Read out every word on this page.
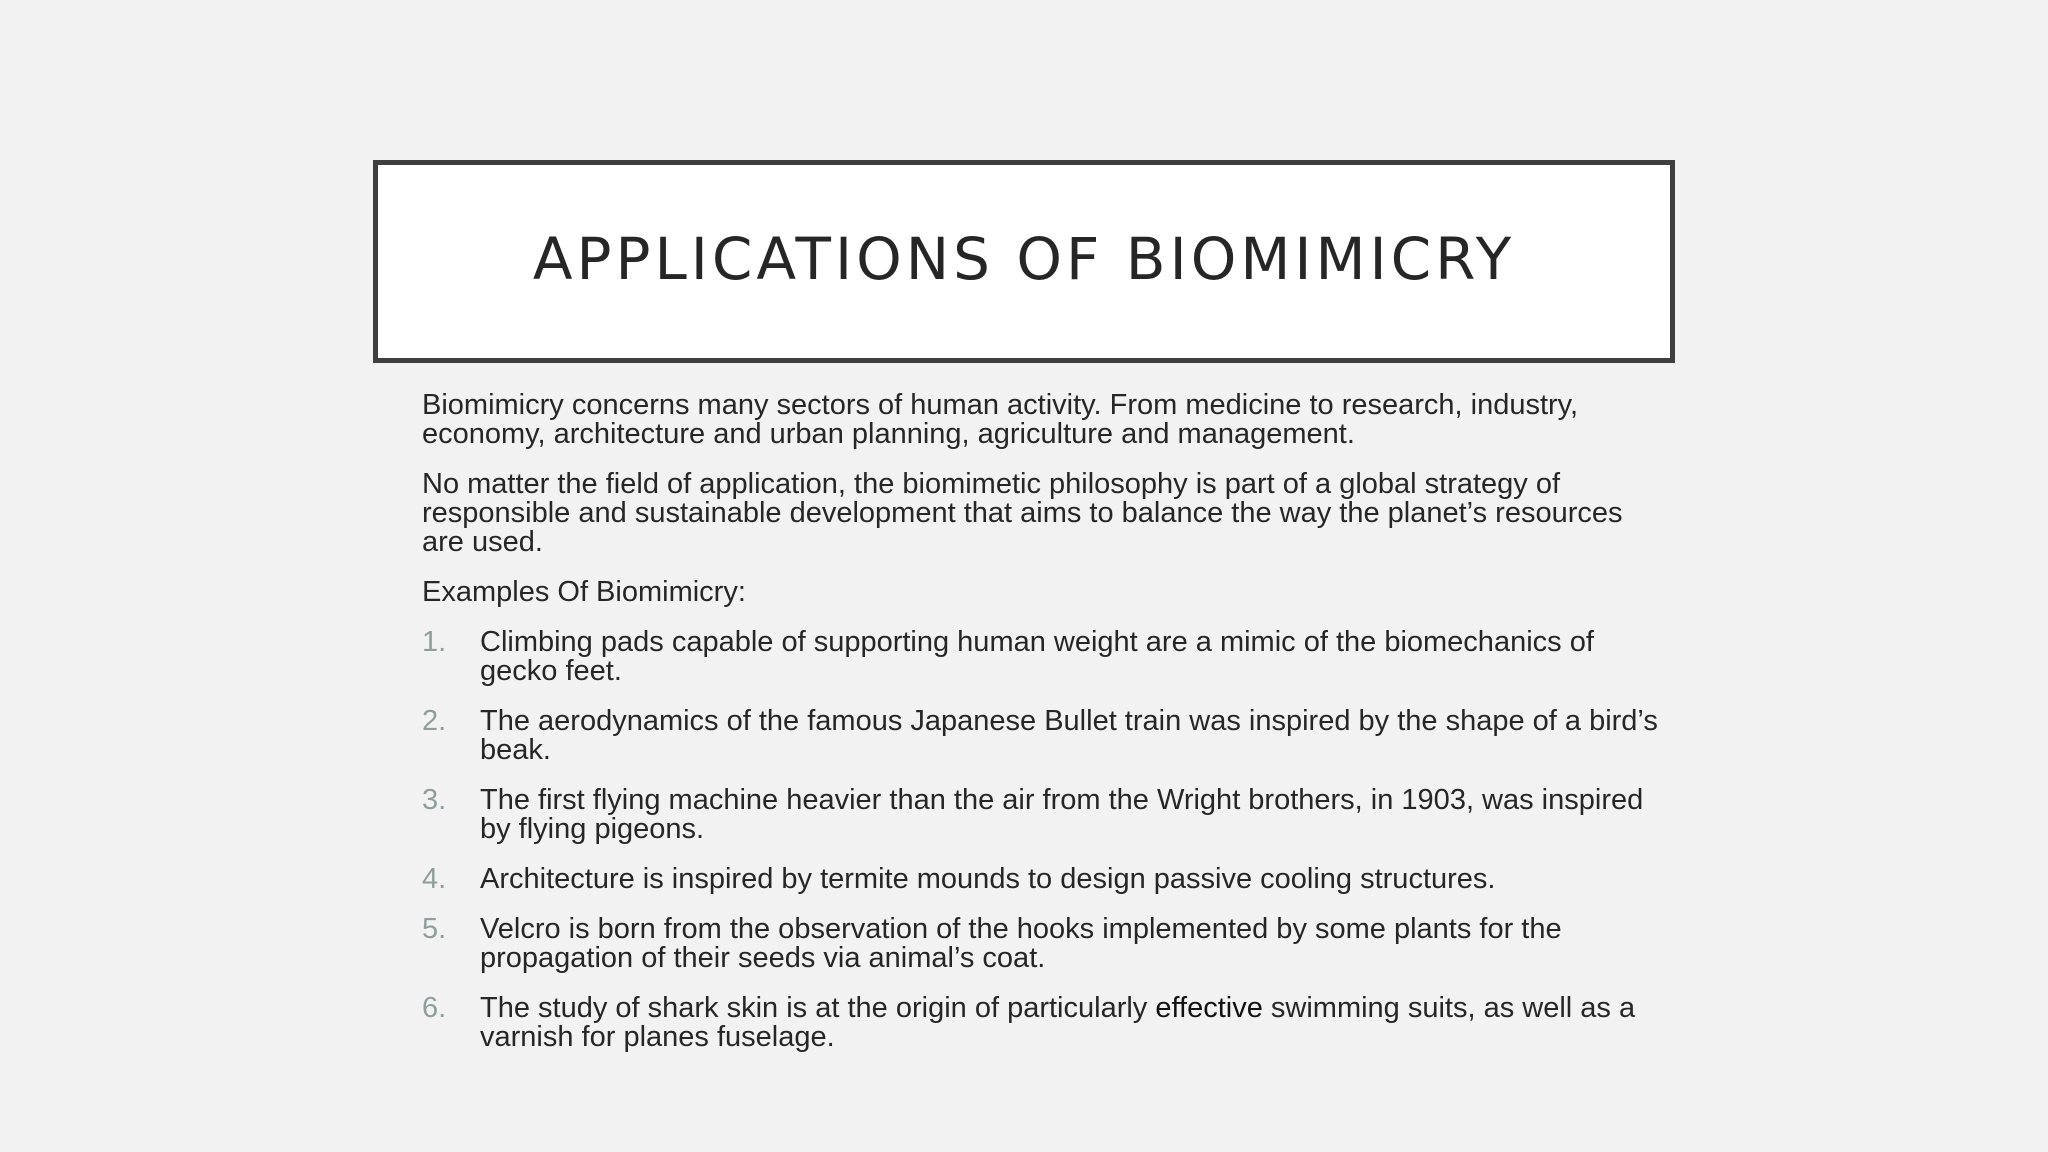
APPLICATIONS OF BIOMIMICRY

Biomimicry concerns many sectors of human activity. From medicine to research, industry, economy, architecture and urban planning, agriculture and management.

No matter the field of application, the biomimetic philosophy is part of a global strategy of responsible and sustainable development that aims to balance the way the planet’s resources are used.

Examples Of Biomimicry:

1. Climbing pads capable of supporting human weight are a mimic of the biomechanics of gecko feet.
2. The aerodynamics of the famous Japanese Bullet train was inspired by the shape of a bird’s beak.
3. The first flying machine heavier than the air from the Wright brothers, in 1903, was inspired by flying pigeons.
4. Architecture is inspired by termite mounds to design passive cooling structures.
5. Velcro is born from the observation of the hooks implemented by some plants for the propagation of their seeds via animal’s coat.
6. The study of shark skin is at the origin of particularly effective swimming suits, as well as a varnish for planes fuselage.
